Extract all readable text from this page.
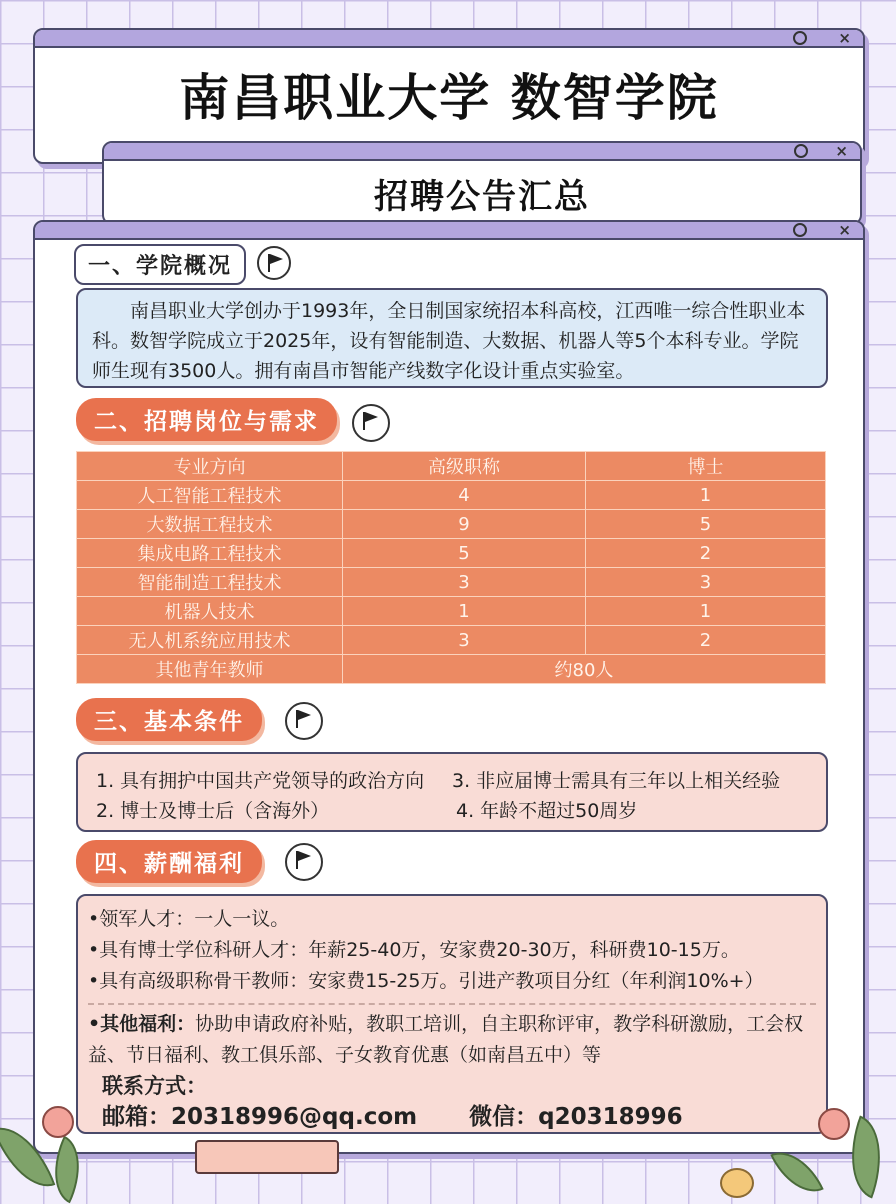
×
南昌职业大学 数智学院
×
招聘公告汇总
×
一、学院概况
南昌职业大学创办于1993年，全日制国家统招本科高校，江西唯一综合性职业本科。数智学院成立于2025年，设有智能制造、大数据、机器人等5个本科专业。学院师生现有3500人。拥有南昌市智能产线数字化设计重点实验室。
二、招聘岗位与需求
专业方向	高级职称	博士
人工智能工程技术	4	1
大数据工程技术	9	5
集成电路工程技术	5	2
智能制造工程技术	3	3
机器人技术	1	1
无人机系统应用技术	3	2
其他青年教师	约80人	
三、基本条件
1. 具有拥护中国共产党领导的政治方向 3. 非应届博士需具有三年以上相关经验
2. 博士及博士后（含海外）	4. 年龄不超过50周岁
四、薪酬福利
•领军人才：一人一议。
•具有博士学位科研人才：年薪25-40万，安家费20-30万，科研费10-15万。
•具有高级职称骨干教师：安家费15-25万。引进产教项目分红（年利润10%+）
•其他福利：协助申请政府补贴，教职工培训，自主职称评审，教学科研激励，工会权益、节日福利、教工俱乐部、子女教育优惠（如南昌五中）等
联系方式：
邮箱：20318996@qq.com 微信：q20318996
